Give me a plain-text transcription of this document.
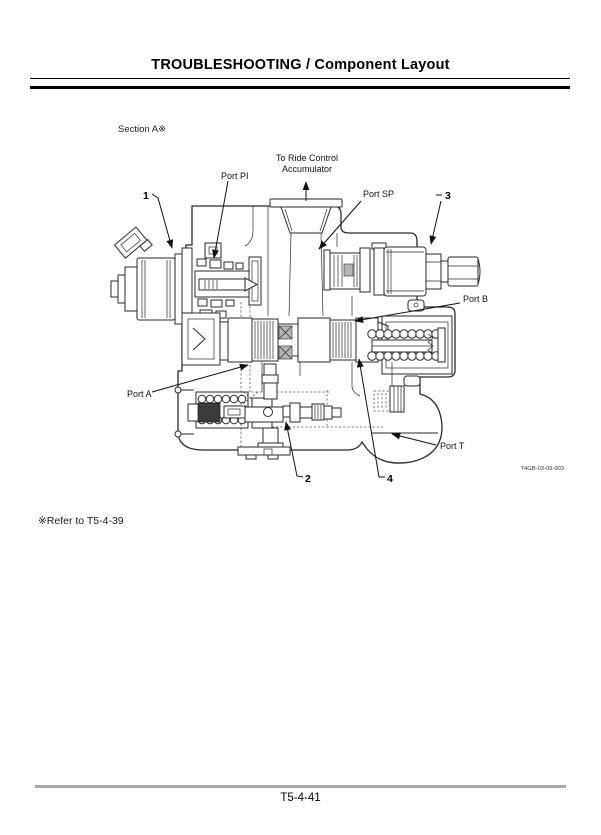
TROUBLESHOOTING / Component Layout
Section A※
1
Port PI
To Ride Control
Accumulator
Port SP	3
Port B
Port A
2	4
Port T
T4GB-03-09-003
※Refer to T5-4-39
T5-4-41
